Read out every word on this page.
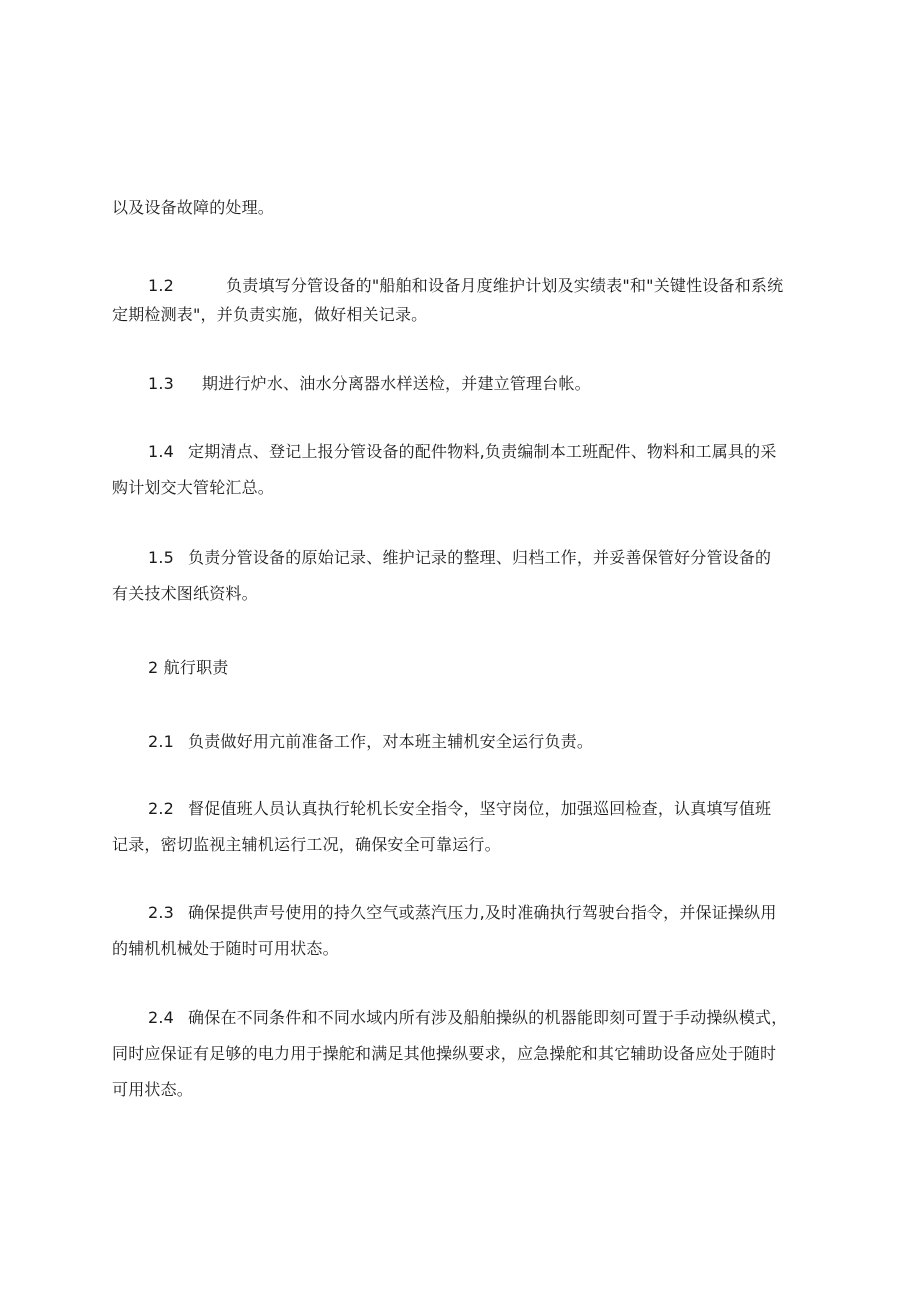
以及设备故障的处理。
1.2	负责填写分管设备的"船舶和设备月度维护计划及实绩表"和"关键性设备和系统
定期检测表"，并负责实施，做好相关记录。
1.3 期进行炉水、油水分离器水样送检，并建立管理台帐。
1.4 定期清点、登记上报分管设备的配件物料,负责编制本工班配件、物料和工属具的采
购计划交大管轮汇总。
1.5 负责分管设备的原始记录、维护记录的整理、归档工作，并妥善保管好分管设备的
有关技术图纸资料。
2 航行职责
2.1 负责做好用亢前准备工作，对本班主辅机安全运行负责。
2.2 督促值班人员认真执行轮机长安全指令，坚守岗位，加强巡回检查，认真填写值班
记录，密切监视主辅机运行工况，确保安全可靠运行。
2.3 确保提供声号使用的持久空气或蒸汽压力,及时准确执行驾驶台指令，并保证操纵用
的辅机机械处于随时可用状态。
2.4 确保在不同条件和不同水域内所有涉及船舶操纵的机器能即刻可置于手动操纵模式，
同时应保证有足够的电力用于操舵和满足其他操纵要求，应急操舵和其它辅助设备应处于随时
可用状态。
